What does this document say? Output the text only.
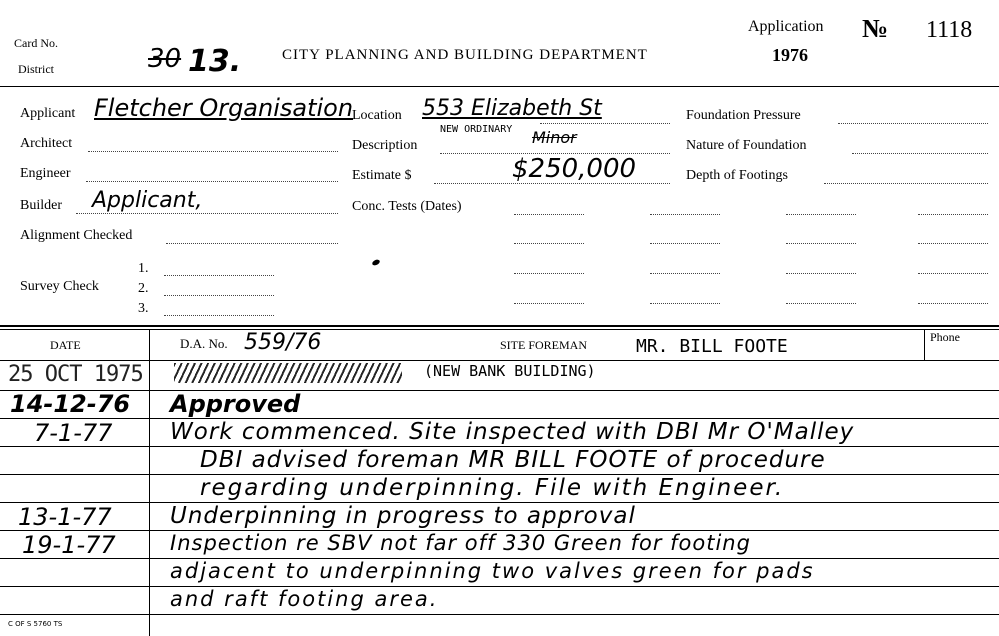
Card No.
District	30 13.	CITY PLANNING AND BUILDING DEPARTMENT
Application
1976
№ 1118
Applicant Fletcher Organisation
Architect
Engineer
Builder Applicant,
Alignment Checked
Survey Check
1.
2.
3.
Location 553 Elizabeth St
Description
NEW ORDINARY Minor
Estimate $	$250,000
Conc. Tests (Dates)
Foundation Pressure
Nature of Foundation
Depth of Footings
DATE	D.A. No. 559/76	SITE FOREMAN	MR. BILL FOOTE	Phone
25 OCT 1975	(NEW BANK BUILDING)
14-12-76 Approved
7-1-77	Work commenced. Site inspected with DBI Mr O'Malley
DBI advised foreman MR BILL FOOTE of procedure
regarding underpinning. File with Engineer.
13-1-77	Underpinning in progress to approval
19-1-77	Inspection re SBV not far off 330 Green for footing
adjacent to underpinning two valves green for pads
and raft footing area.
C OF S 5760 TS
